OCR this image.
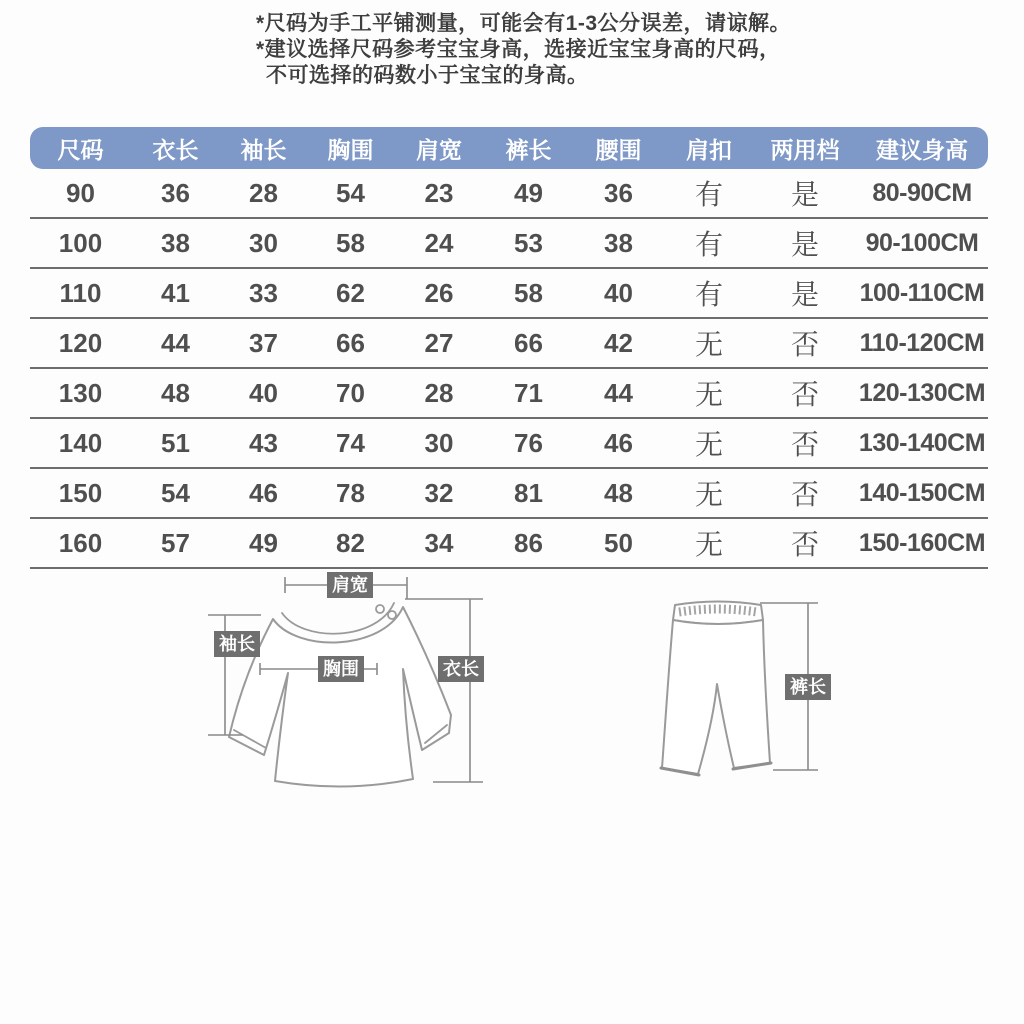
*尺码为手工平铺测量，可能会有1-3公分误差，请谅解。
*建议选择尺码参考宝宝身高，选接近宝宝身高的尺码，
不可选择的码数小于宝宝的身高。
尺码	衣长	袖长	胸围	肩宽	裤长	腰围	肩扣	两用档	建议身高
90	36	28	54	23	49	36	有	是	80-90CM
100	38	30	58	24	53	38	有	是	90-100CM
110	41	33	62	26	58	40	有	是	100-110CM
120	44	37	66	27	66	42	无	否	110-120CM
130	48	40	70	28	71	44	无	否	120-130CM
140	51	43	74	30	76	46	无	否	130-140CM
150	54	46	78	32	81	48	无	否	140-150CM
160	57	49	82	34	86	50	无	否	150-160CM
肩宽
袖长
胸围	衣长
裤长
